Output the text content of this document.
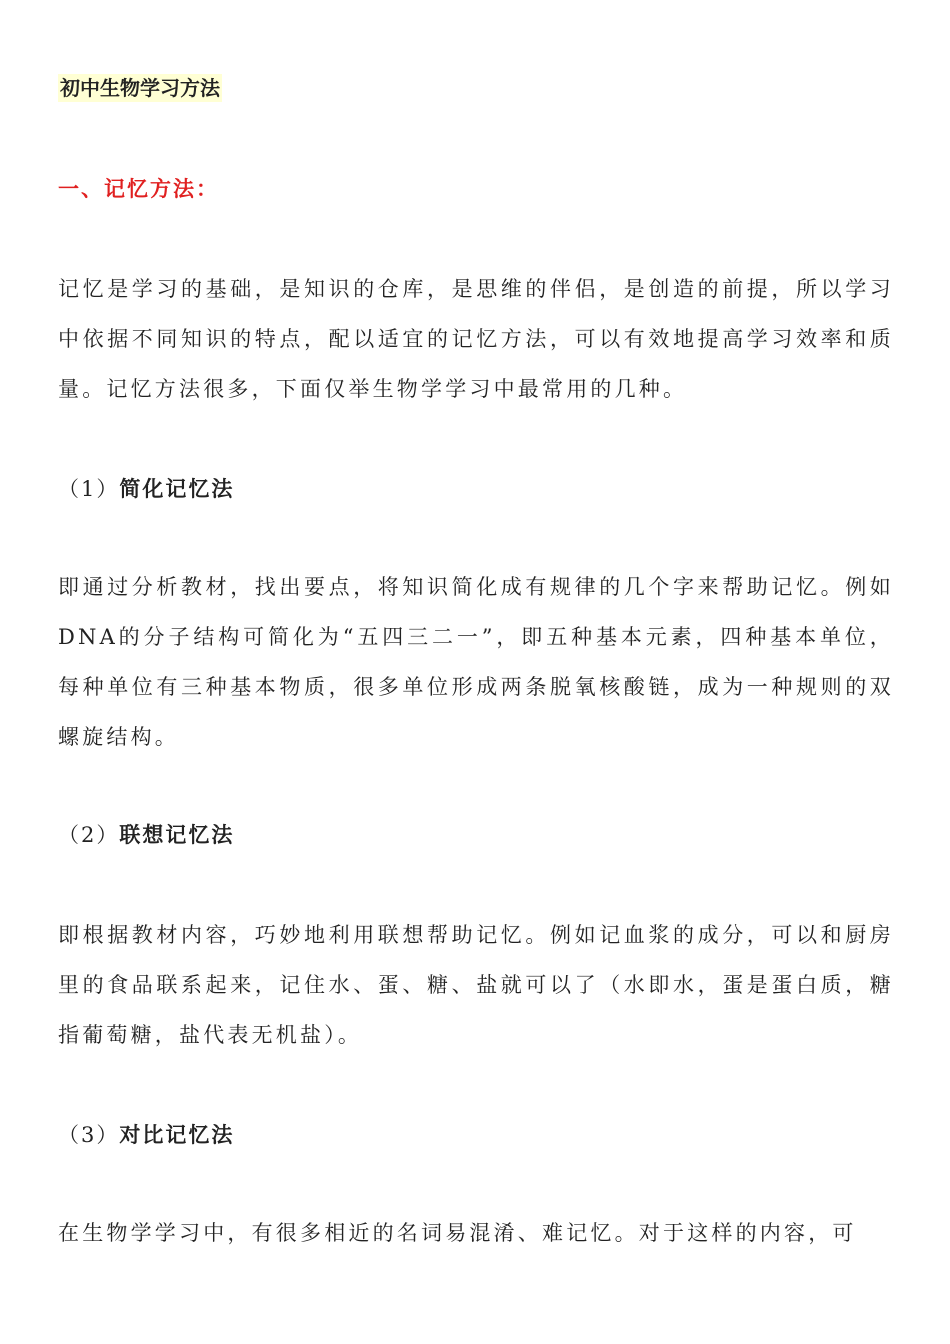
初中生物学习方法
一、记忆方法：

记忆是学习的基础，是知识的仓库，是思维的伴侣，是创造的前提，所以学习中依据不同知识的特点，配以适宜的记忆方法，可以有效地提高学习效率和质量。记忆方法很多，下面仅举生物学学习中最常用的几种。

（1）简化记忆法

即通过分析教材，找出要点，将知识简化成有规律的几个字来帮助记忆。例如 DNA的分子结构可简化为“五四三二一”，即五种基本元素，四种基本单位，每种单位有三种基本物质，很多单位形成两条脱氧核酸链，成为一种规则的双螺旋结构。

（2）联想记忆法

即根据教材内容，巧妙地利用联想帮助记忆。例如记血浆的成分，可以和厨房里的食品联系起来，记住水、蛋、糖、盐就可以了（水即水，蛋是蛋白质，糖指葡萄糖，盐代表无机盐）。

（3）对比记忆法

在生物学学习中，有很多相近的名词易混淆、难记忆。对于这样的内容，可
